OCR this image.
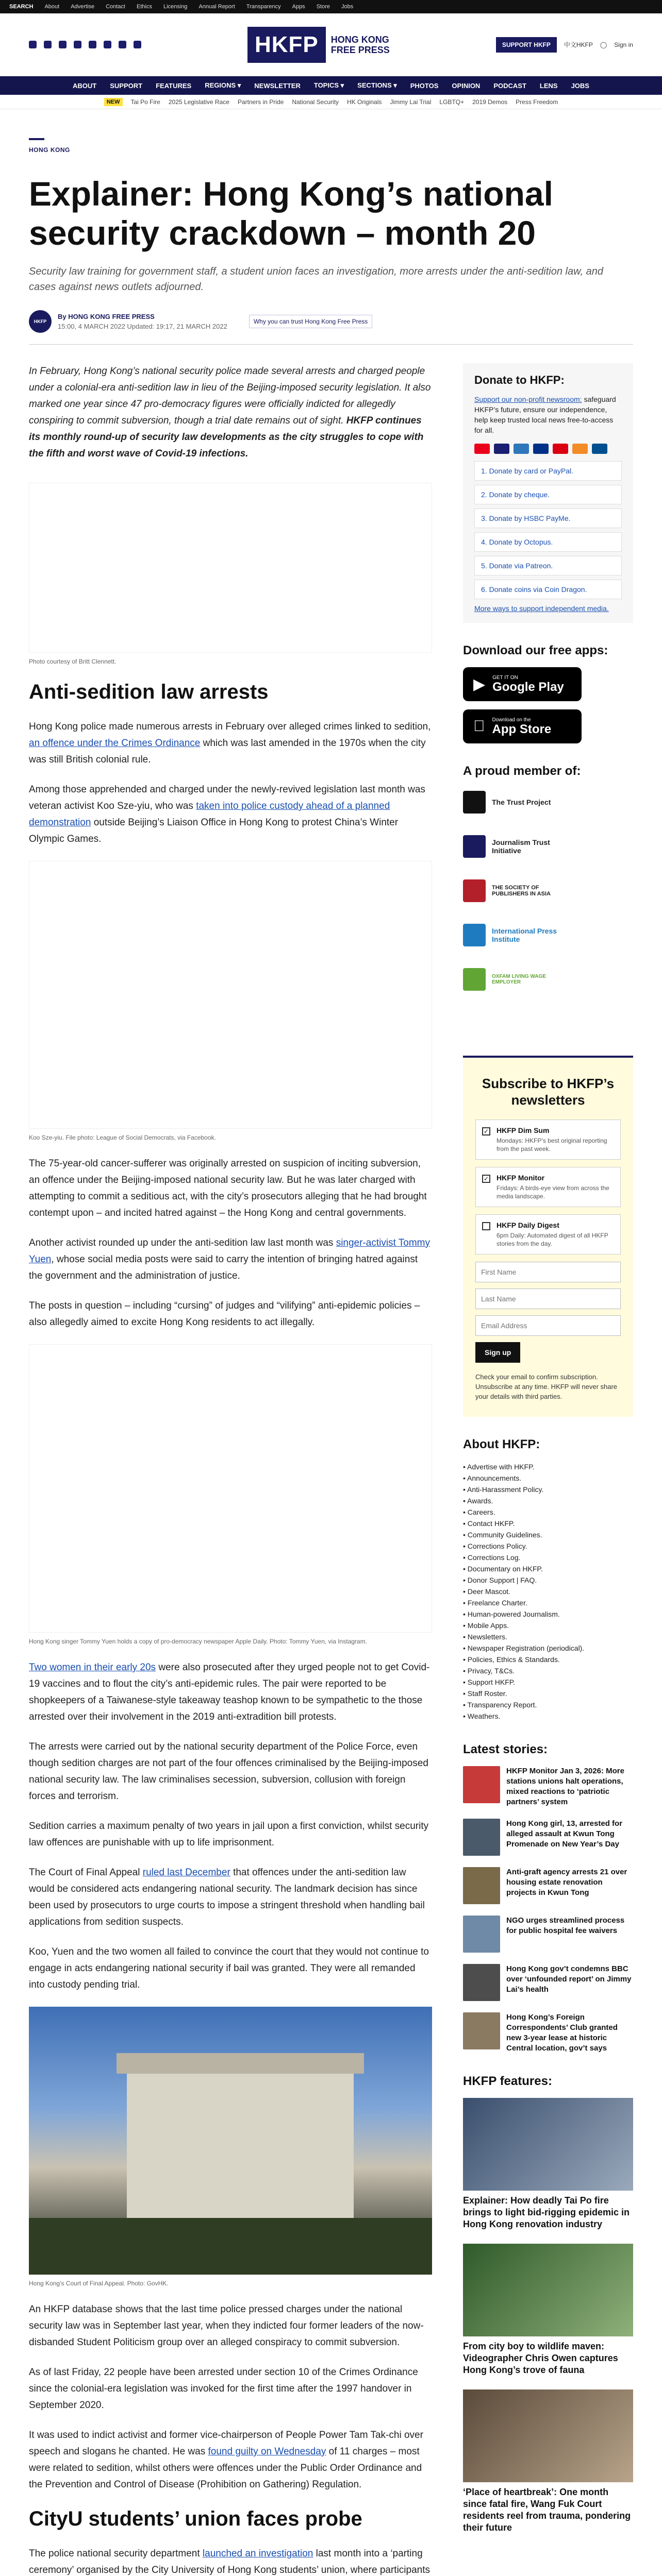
SEARCH About Advertise Contact Ethics Licensing Annual Report Transparency Apps Store Jobs
HKFP	HONG KONG
FREE PRESS	SUPPORT HKFP	中文HKFP ◯ Sign in
ABOUT SUPPORT FEATURES REGIONS ▾ NEWSLETTER TOPICS ▾ SECTIONS ▾ PHOTOS OPINION PODCAST LENS JOBS
NEW	Tai Po Fire 2025 Legislative Race Partners in Pride National Security HK Originals Jimmy Lai Trial LGBTQ+ 2019 Demos Press Freedom
HONG KONG
Explainer: Hong Kong’s national security crackdown – month 20

Security law training for government staff, a student union faces an investigation, more arrests under the anti-sedition law, and cases against news outlets adjourned.

HKFP
By HONG KONG FREE PRESS
15:00, 4 MARCH 2022 Updated: 19:17, 21 MARCH 2022
Why you can trust Hong Kong Free Press

In February, Hong Kong’s national security police made several arrests and charged people under a colonial-era anti-sedition law in lieu of the Beijing-imposed security legislation. It also marked one year since 47 pro-democracy figures were officially indicted for allegedly conspiring to commit subversion, though a trial date remains out of sight. HKFP continues its monthly round-up of security law developments as the city struggles to cope with the fifth and worst wave of Covid-19 infections.

Photo courtesy of Britt Clennett.
Anti-sedition law arrests

Hong Kong police made numerous arrests in February over alleged crimes linked to sedition, an offence under the Crimes Ordinance which was last amended in the 1970s when the city was still British colonial rule.

Among those apprehended and charged under the newly-revived legislation last month was veteran activist Koo Sze-yiu, who was taken into police custody ahead of a planned demonstration outside Beijing’s Liaison Office in Hong Kong to protest China’s Winter Olympic Games.

Koo Sze-yiu. File photo: League of Social Democrats, via Facebook.

The 75-year-old cancer-sufferer was originally arrested on suspicion of inciting subversion, an offence under the Beijing-imposed national security law. But he was later charged with attempting to commit a seditious act, with the city’s prosecutors alleging that he had brought contempt upon – and incited hatred against – the Hong Kong and central governments.

Another activist rounded up under the anti-sedition law last month was singer-activist Tommy Yuen, whose social media posts were said to carry the intention of bringing hatred against the government and the administration of justice.

The posts in question – including “cursing” of judges and “vilifying” anti-epidemic policies – also allegedly aimed to excite Hong Kong residents to act illegally.

Hong Kong singer Tommy Yuen holds a copy of pro-democracy newspaper Apple Daily. Photo: Tommy Yuen, via Instagram.

Two women in their early 20s were also prosecuted after they urged people not to get Covid-19 vaccines and to flout the city’s anti-epidemic rules. The pair were reported to be shopkeepers of a Taiwanese-style takeaway teashop known to be sympathetic to the those arrested over their involvement in the 2019 anti-extradition bill protests.

The arrests were carried out by the national security department of the Police Force, even though sedition charges are not part of the four offences criminalised by the Beijing-imposed national security law. The law criminalises secession, subversion, collusion with foreign forces and terrorism.

Sedition carries a maximum penalty of two years in jail upon a first conviction, whilst security law offences are punishable with up to life imprisonment.

The Court of Final Appeal ruled last December that offences under the anti-sedition law would be considered acts endangering national security. The landmark decision has since been used by prosecutors to urge courts to impose a stringent threshold when handling bail applications from sedition suspects.

Koo, Yuen and the two women all failed to convince the court that they would not continue to engage in acts endangering national security if bail was granted. They were all remanded into custody pending trial.

Hong Kong’s Court of Final Appeal. Photo: GovHK.

An HKFP database shows that the last time police pressed charges under the national security law was in September last year, when they indicted four former leaders of the now-disbanded Student Politicism group over an alleged conspiracy to commit subversion.

As of last Friday, 22 people have been arrested under section 10 of the Crimes Ordinance since the colonial-era legislation was invoked for the first time after the 1997 handover in September 2020.

It was used to indict activist and former vice-chairperson of People Power Tam Tak-chi over speech and slogans he chanted. He was found guilty on Wednesday of 11 charges – most were related to sedition, whilst others were offences under the Public Order Ordinance and the Prevention and Control of Disease (Prohibition on Gathering) Regulation.

CityU students’ union faces probe

The police national security department launched an investigation last month into a ‘parting ceremony’ organised by the City University of Hong Kong students’ union, where participants

Donate to HKFP:

Support our non-profit newsroom: safeguard HKFP’s future, ensure our independence, help keep trusted local news free-to-access for all.

1. Donate by card or PayPal.
2. Donate by cheque.
3. Donate by HSBC PayMe.
4. Donate by Octopus.
5. Donate via Patreon.
6. Donate coins via Coin Dragon.
More ways to support independent media.
Download our free apps:
▶ GET IT ON
Google Play
Download on the
App Store
A proud member of:
The Trust Project
Journalism Trust Initiative
THE SOCIETY OF PUBLISHERS IN ASIA
International Press Institute
OXFAM LIVING WAGE EMPLOYER
Subscribe to HKFP’s newsletters
✓ HKFP Dim Sum
Mondays: HKFP’s best original reporting from the past week.
✓ HKFP Monitor
Fridays: A birds-eye view from across the media landscape.
HKFP Daily Digest
6pm Daily: Automated digest of all HKFP stories from the day.
First Name Last Name Email Address Sign up

Check your email to confirm subscription. Unsubscribe at any time. HKFP will never share your details with third parties.

About HKFP:
• Advertise with HKFP.
• Announcements.
• Anti-Harassment Policy.
• Awards.
• Careers.
• Contact HKFP.
• Community Guidelines.
• Corrections Policy.
• Corrections Log.
• Documentary on HKFP.
• Donor Support | FAQ.
• Deer Mascot.
• Freelance Charter.
• Human-powered Journalism.
• Mobile Apps.
• Newsletters.
• Newspaper Registration (periodical).
• Policies, Ethics & Standards.
• Privacy, T&Cs.
• Support HKFP.
• Staff Roster.
• Transparency Report.
• Weathers.
Latest stories:
HKFP Monitor Jan 3, 2026: More stations unions halt operations, mixed reactions to ‘patriotic partners’ system
Hong Kong girl, 13, arrested for alleged assault at Kwun Tong Promenade on New Year’s Day
Anti-graft agency arrests 21 over housing estate renovation projects in Kwun Tong
NGO urges streamlined process for public hospital fee waivers
Hong Kong gov’t condemns BBC over ‘unfounded report’ on Jimmy Lai’s health
Hong Kong’s Foreign Correspondents’ Club granted new 3-year lease at historic Central location, gov’t says
HKFP features:
Explainer: How deadly Tai Po fire brings to light bid-rigging epidemic in Hong Kong renovation industry
From city boy to wildlife maven: Videographer Chris Owen captures Hong Kong’s trove of fauna
‘Place of heartbreak’: One month since fatal fire, Wang Fuk Court residents reel from trauma, pondering their future
